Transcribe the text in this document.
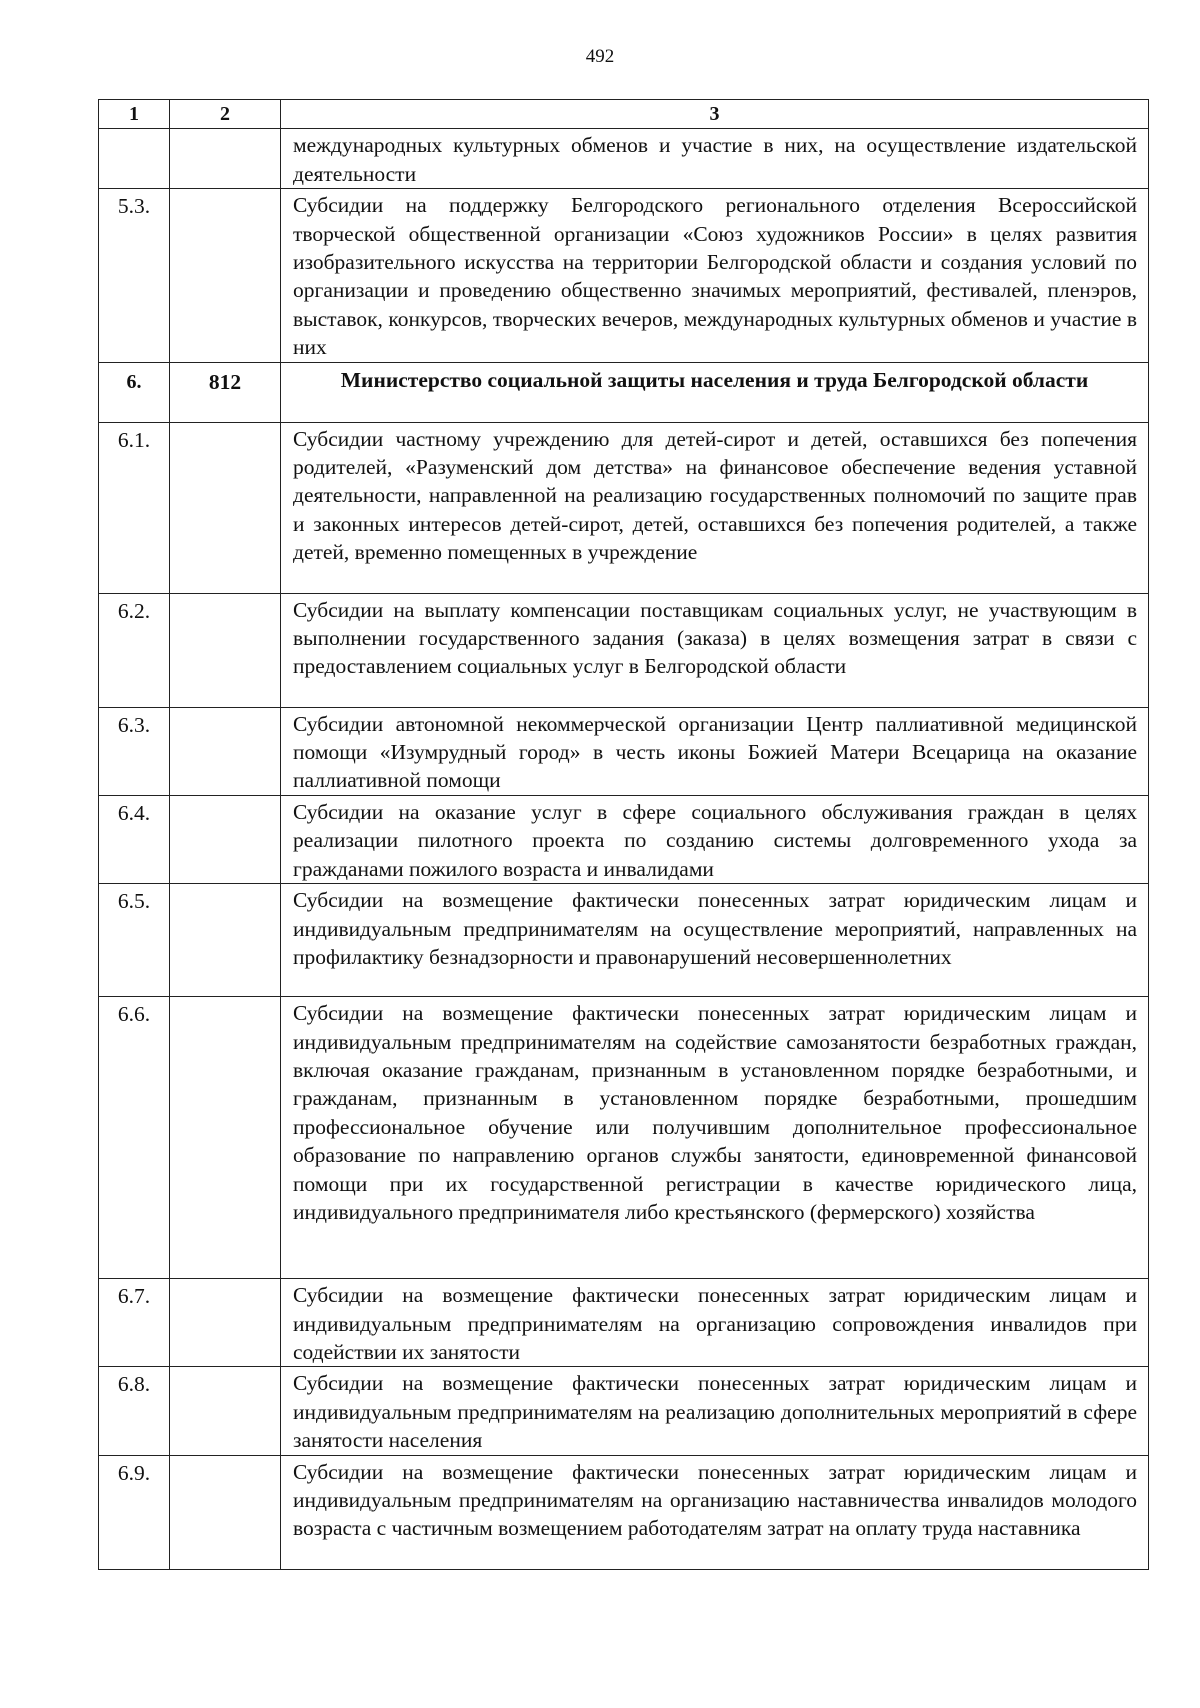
492
1	2	3
		международных культурных обменов и участие в них, на осуществление издательской деятельности
5.3.		Субсидии на поддержку Белгородского регионального отделения Всероссийской творческой общественной организации «Союз художников России» в целях развития изобразительного искусства на территории Белгородской области и создания условий по организации и проведению общественно значимых мероприятий, фестивалей, пленэров, выставок, конкурсов, творческих вечеров, международных культурных обменов и участие в них
6.	812	Министерство социальной защиты населения и труда Белгородской области
6.1.		Субсидии частному учреждению для детей-сирот и детей, оставшихся без попечения родителей, «Разуменский дом детства» на финансовое обеспечение ведения уставной деятельности, направленной на реализацию государственных полномочий по защите прав и законных интересов детей-сирот, детей, оставшихся без попечения родителей, а также детей, временно помещенных в учреждение
6.2.		Субсидии на выплату компенсации поставщикам социальных услуг, не участвующим в выполнении государственного задания (заказа) в целях возмещения затрат в связи с предоставлением социальных услуг в Белгородской области
6.3.		Субсидии автономной некоммерческой организации Центр паллиативной медицинской помощи «Изумрудный город» в честь иконы Божией Матери Всецарица на оказание паллиативной помощи
6.4.		Субсидии на оказание услуг в сфере социального обслуживания граждан в целях реализации пилотного проекта по созданию системы долговременного ухода за гражданами пожилого возраста и инвалидами
6.5.		Субсидии на возмещение фактически понесенных затрат юридическим лицам и индивидуальным предпринимателям на осуществление мероприятий, направленных на профилактику безнадзорности и правонарушений несовершеннолетних
6.6.		Субсидии на возмещение фактически понесенных затрат юридическим лицам и индивидуальным предпринимателям на содействие самозанятости безработных граждан, включая оказание гражданам, признанным в установленном порядке безработными, и гражданам, признанным в установленном порядке безработными, прошедшим профессиональное обучение или получившим дополнительное профессиональное образование по направлению органов службы занятости, единовременной финансовой помощи при их государственной регистрации в качестве юридического лица, индивидуального предпринимателя либо крестьянского (фермерского) хозяйства
6.7.		Субсидии на возмещение фактически понесенных затрат юридическим лицам и индивидуальным предпринимателям на организацию сопровождения инвалидов при содействии их занятости
6.8.		Субсидии на возмещение фактически понесенных затрат юридическим лицам и индивидуальным предпринимателям на реализацию дополнительных мероприятий в сфере занятости населения
6.9.		Субсидии на возмещение фактически понесенных затрат юридическим лицам и индивидуальным предпринимателям на организацию наставничества инвалидов молодого возраста с частичным возмещением работодателям затрат на оплату труда наставника
